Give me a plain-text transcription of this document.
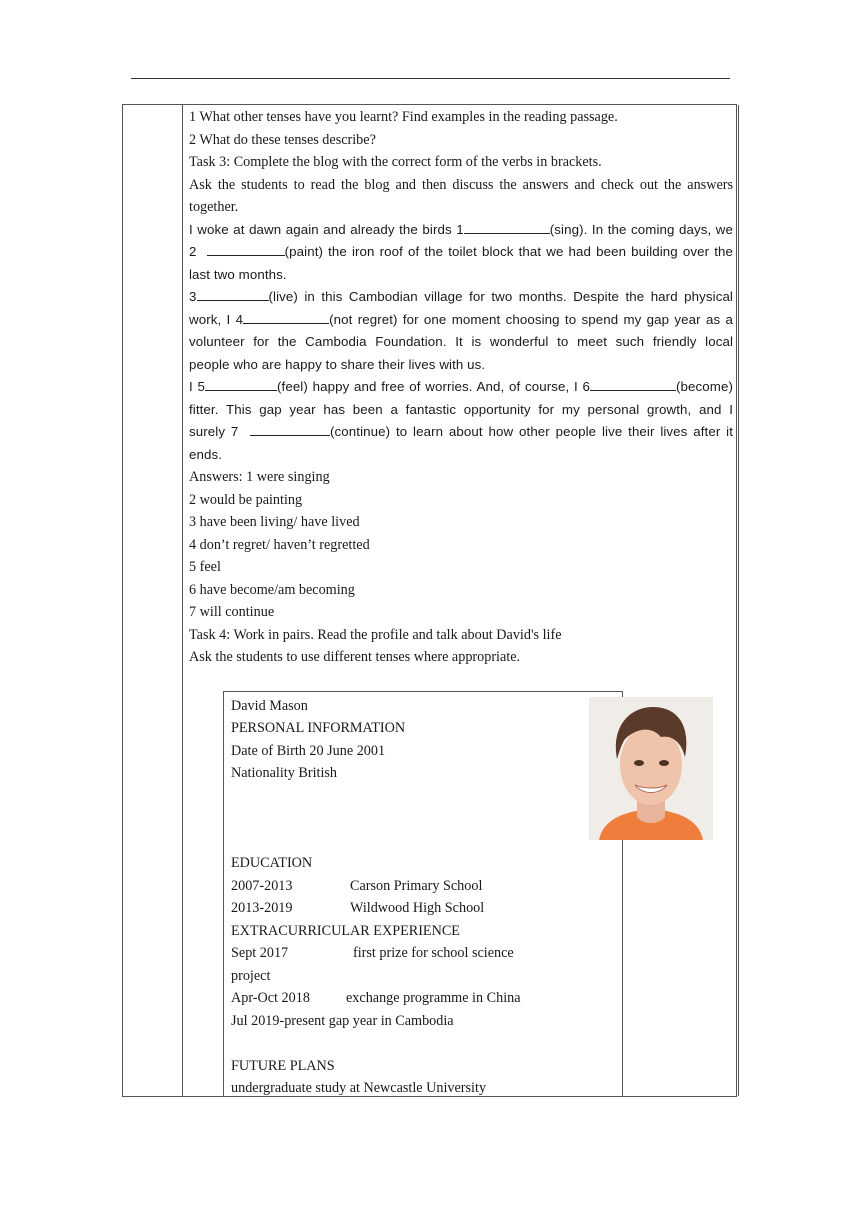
1 What other tenses have you learnt? Find examples in the reading passage.
2 What do these tenses describe?
Task 3: Complete the blog with the correct form of the verbs in brackets.
Ask the students to read the blog and then discuss the answers and check out the answers
together.
I woke at dawn again and already the birds 1	(sing). In the coming days, we
2	(paint) the iron roof of the toilet block that we had been building over the
last two months.
3	(live) in this Cambodian village for two months. Despite the hard physical
work, I 4	(not regret) for one moment choosing to spend my gap year as a
volunteer for the Cambodia Foundation. It is wonderful to meet such friendly local
people who are happy to share their lives with us.
I 5	(feel) happy and free of worries. And, of course, I 6	(become)
fitter. This gap year has been a fantastic opportunity for my personal growth, and I
surely 7	(continue) to learn about how other people live their lives after it
ends.
Answers: 1 were singing
2 would be painting
3 have been living/ have lived
4 don’t regret/ haven’t regretted
5 feel
6 have become/am becoming
7 will continue
Task 4: Work in pairs. Read the profile and talk about David's life
Ask the students to use different tenses where appropriate.
David Mason
PERSONAL INFORMATION
Date of Birth 20 June 2001
Nationality British
EDUCATION
2007-2013	Carson Primary School
2013-2019	Wildwood High School
EXTRACURRICULAR EXPERIENCE
Sept 2017	first prize for school science
project
Apr-Oct 2018	exchange programme in China
Jul 2019-present gap year in Cambodia
FUTURE PLANS
undergraduate study at Newcastle University
